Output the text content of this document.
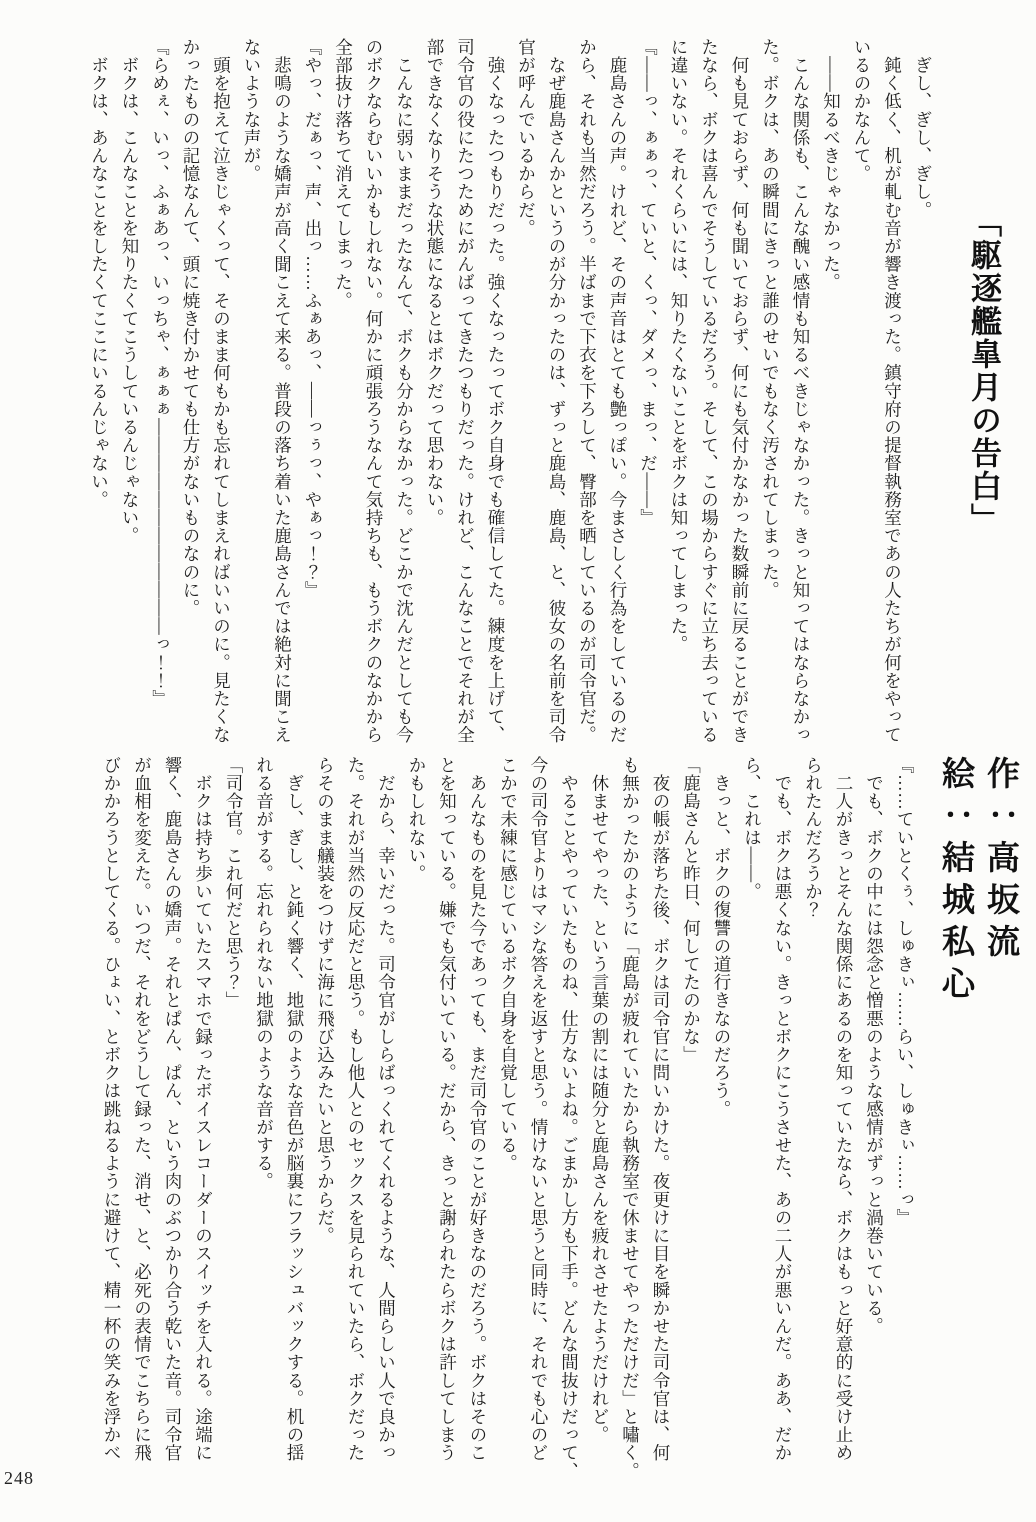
「駆逐艦皐月の告白」
　ぎし、ぎし、ぎし。
　鈍く低く、机が軋む音が響き渡った。鎮守府の提督執務室であの人たちが何をやって
いるのかなんて。
　——知るべきじゃなかった。
　こんな関係も、こんな醜い感情も知るべきじゃなかった。きっと知ってはならなかっ
た。ボクは、あの瞬間にきっと誰のせいでもなく汚されてしまった。
　何も見ておらず、何も聞いておらず、何にも気付かなかった数瞬前に戻ることができ
たなら、ボクは喜んでそうしているだろう。そして、この場からすぐに立ち去っている
に違いない。それくらいには、知りたくないことをボクは知ってしまった。
『——っ、ぁぁっ、ていと、くっ、ダメっ、まっ、だ——』
　鹿島さんの声。けれど、その声音はとても艶っぽい。今まさしく行為をしているのだ
から、それも当然だろう。半ばまで下衣を下ろして、臀部を晒しているのが司令官だ。
　なぜ鹿島さんかというのが分かったのは、ずっと鹿島、鹿島、と、彼女の名前を司令
官が呼んでいるからだ。
　強くなったつもりだった。強くなったってボク自身でも確信してた。練度を上げて、
司令官の役にたつためにがんばってきたつもりだった。けれど、こんなことでそれが全
部できなくなりそうな状態になるとはボクだって思わない。
　こんなに弱いままだったなんて、ボクも分からなかった。どこかで沈んだとしても今
のボクならむいいかもしれない。何かに頑張ろうなんて気持ちも、もうボクのなかから
全部抜け落ちて消えてしまった。
『やっ、だぁっ、声、出っ……ふぁあっ、——っぅっ、やぁっ！？』
　悲鳴のような嬌声が高く聞こえて来る。普段の落ち着いた鹿島さんでは絶対に聞こえ
ないような声が。
　頭を抱えて泣きじゃくって、そのまま何もかも忘れてしまえればいいのに。見たくな
かったものの記憶なんて、頭に焼き付かせても仕方がないものなのに。
『らめぇ、いっ、ふぁあっ、いっちゃ、ぁぁぁ————————————っ！！』
　ボクは、こんなことを知りたくてこうしているんじゃない。
　ボクは、あんなことをしたくてここにいるんじゃない。
作：高坂流
絵：結城私心
『……ていとくぅ、しゅきぃ……らい、しゅきぃ……っ』
　でも、ボクの中には怨念と憎悪のような感情がずっと渦巻いている。
　二人がきっとそんな関係にあるのを知っていたなら、ボクはもっと好意的に受け止め
られたんだろうか？
　でも、ボクは悪くない。きっとボクにこうさせた、あの二人が悪いんだ。ああ、だか
ら、これは——。
　きっと、ボクの復讐の道行きなのだろう。
「鹿島さんと昨日、何してたのかな」
　夜の帳が落ちた後、ボクは司令官に問いかけた。夜更けに目を瞬かせた司令官は、何
も無かったかのように「鹿島が疲れていたから執務室で休ませてやっただけだ」と嘯く。
　休ませてやった、という言葉の割には随分と鹿島さんを疲れさせたようだけれど。
　やることやっていたものね、仕方ないよね。ごまかし方も下手。どんな間抜けだって、
今の司令官よりはマシな答えを返すと思う。情けないと思うと同時に、それでも心のど
こかで未練に感じているボク自身を自覚している。
　あんなものを見た今であっても、まだ司令官のことが好きなのだろう。ボクはそのこ
とを知っている。嫌でも気付いている。だから、きっと謝られたらボクは許してしまう
かもしれない。
　だから、幸いだった。司令官がしらばっくれてくれるような、人間らしい人で良かっ
た。それが当然の反応だと思う。もし他人とのセックスを見られていたら、ボクだった
らそのまま艤装をつけずに海に飛び込みたいと思うからだ。
　ぎし、ぎし、と鈍く響く、地獄のような音色が脳裏にフラッシュバックする。机の揺
れる音がする。忘れられない地獄のような音がする。
「司令官。これ何だと思う？」
　ボクは持ち歩いていたスマホで録ったボイスレコーダーのスイッチを入れる。途端に
響く、鹿島さんの嬌声。それとぱん、ぱん、という肉のぶつかり合う乾いた音。司令官
が血相を変えた。いつだ、それをどうして録った、消せ、と、必死の表情でこちらに飛
びかかろうとしてくる。ひょい、とボクは跳ねるように避けて、精一杯の笑みを浮かべ
248
